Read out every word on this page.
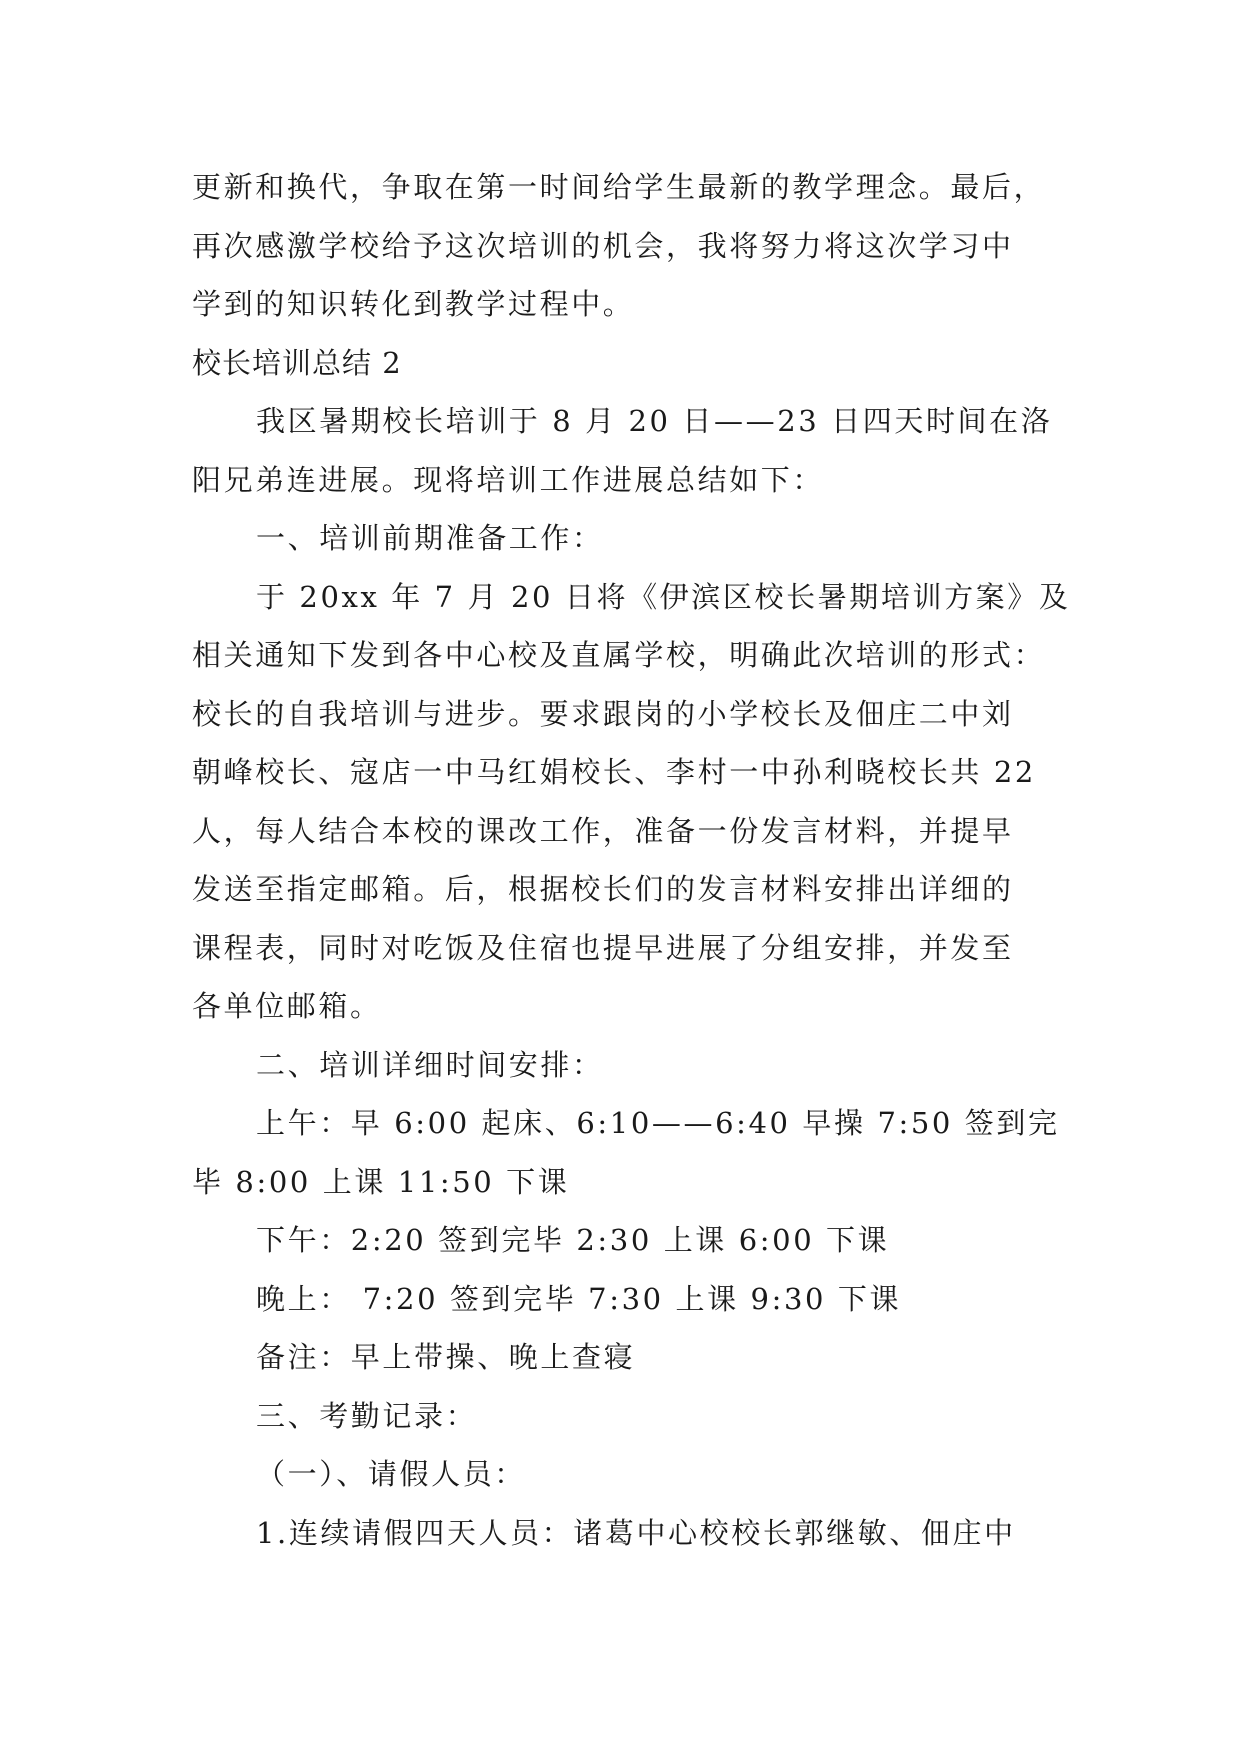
更新和换代，争取在第一时间给学生最新的教学理念。最后，
再次感激学校给予这次培训的机会，我将努力将这次学习中
学到的知识转化到教学过程中。
校长培训总结 2
我区暑期校长培训于 8 月 20 日——23 日四天时间在洛
阳兄弟连进展。现将培训工作进展总结如下：
一、培训前期准备工作：
于 20xx 年 7 月 20 日将《伊滨区校长暑期培训方案》及
相关通知下发到各中心校及直属学校，明确此次培训的形式：
校长的自我培训与进步。要求跟岗的小学校长及佃庄二中刘
朝峰校长、寇店一中马红娟校长、李村一中孙利晓校长共 22
人，每人结合本校的课改工作，准备一份发言材料，并提早
发送至指定邮箱。后，根据校长们的发言材料安排出详细的
课程表，同时对吃饭及住宿也提早进展了分组安排，并发至
各单位邮箱。
二、培训详细时间安排：
上午：早 6:00 起床、6:10——6:40 早操 7:50 签到完
毕 8:00 上课 11:50 下课
下午：2:20 签到完毕 2:30 上课 6:00 下课
晚上： 7:20 签到完毕 7:30 上课 9:30 下课
备注：早上带操、晚上查寝
三、考勤记录：
（一）、请假人员：
1.连续请假四天人员：诸葛中心校校长郭继敏、佃庄中
